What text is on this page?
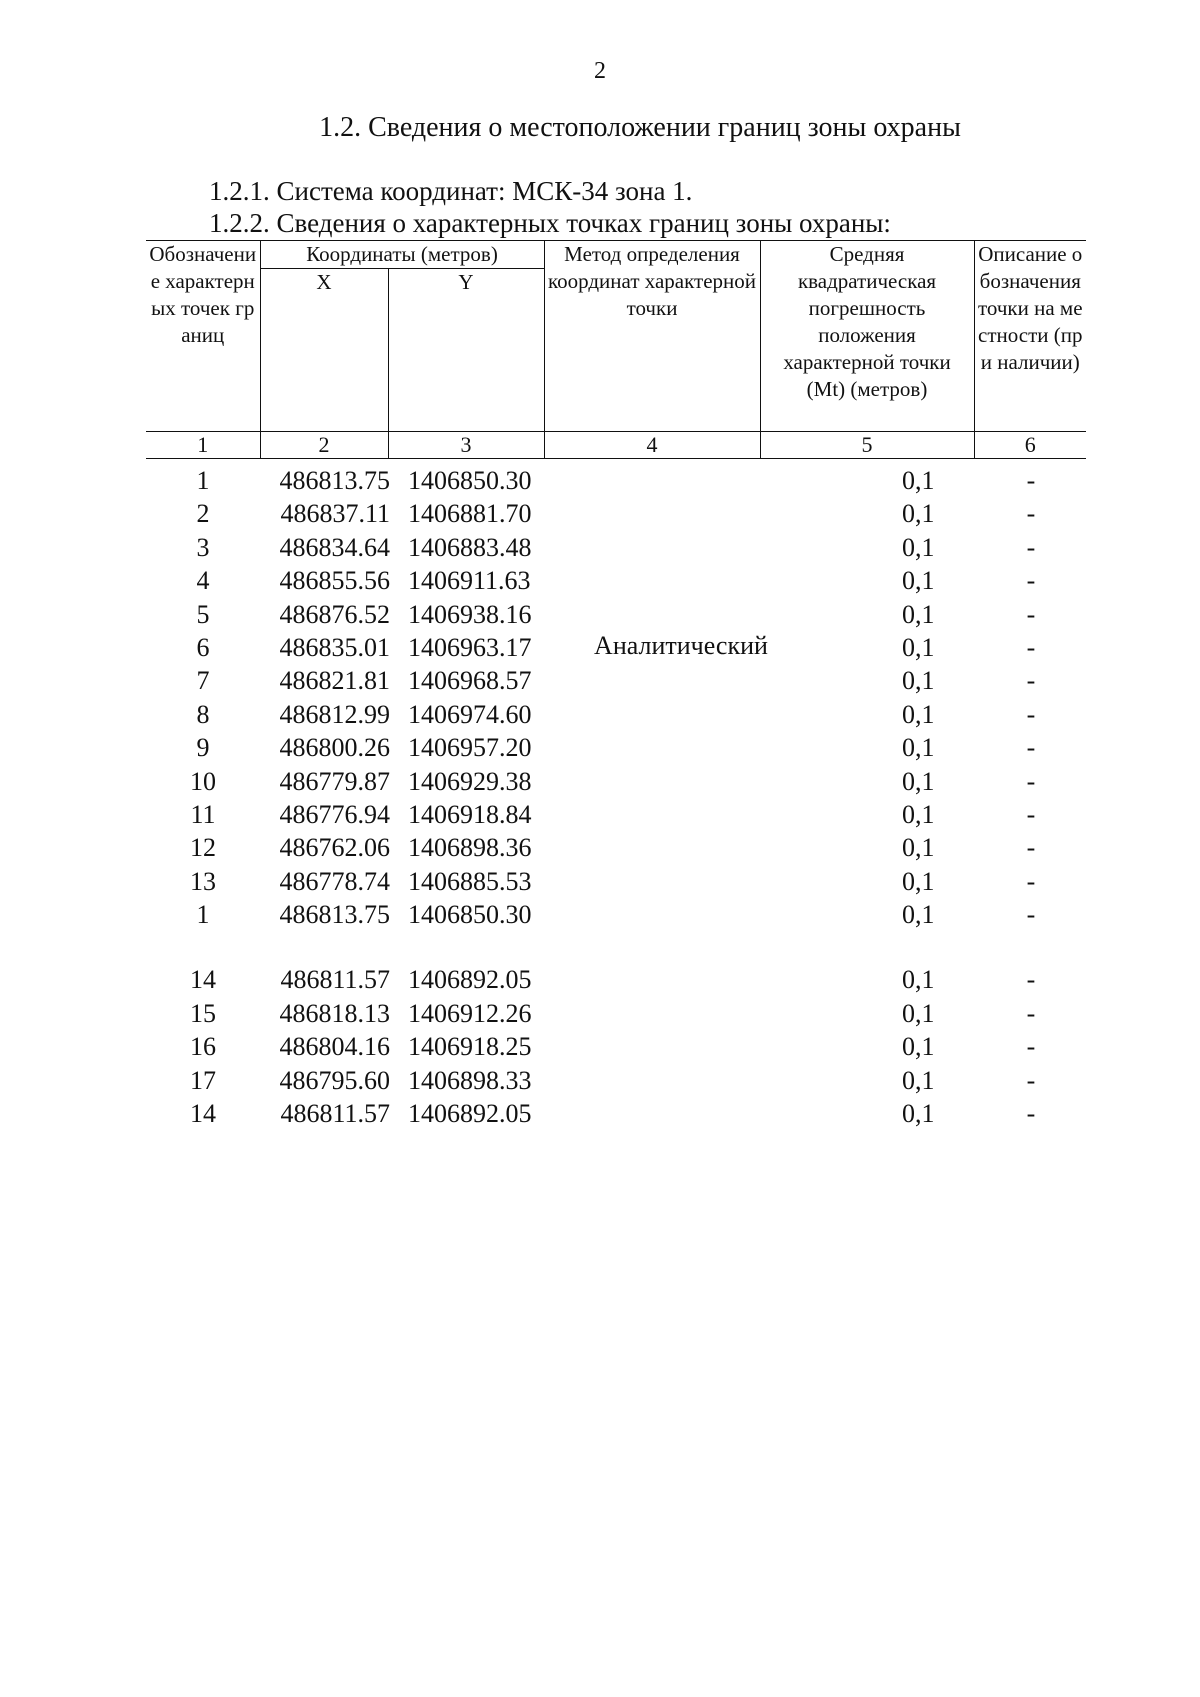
2
1.2. Сведения о местоположении границ зоны охраны
1.2.1. Система координат: МСК-34 зона 1.
1.2.2. Сведения о характерных точках границ зоны охраны:
Обозначение характерных точек границ	Координаты (метров)		Метод определения координат характерной точки	Средняя квадратическая погрешность положения характерной точки (Mt) (метров)	Описание обозначения точки на местности (при наличии)
	X	Y			
1	2	3	4	5	6
Аналитический
1	486813.75 1406850.30	0,1	-
2	486837.11 1406881.70	0,1	-
3	486834.64 1406883.48	0,1	-
4	486855.56 1406911.63	0,1	-
5	486876.52 1406938.16	0,1	-
6	486835.01 1406963.17	0,1	-
7	486821.81 1406968.57	0,1	-
8	486812.99 1406974.60	0,1	-
9	486800.26 1406957.20	0,1	-
10	486779.87 1406929.38	0,1	-
11	486776.94 1406918.84	0,1	-
12	486762.06 1406898.36	0,1	-
13	486778.74 1406885.53	0,1	-
1	486813.75 1406850.30	0,1	-
14	486811.57 1406892.05	0,1	-
15	486818.13 1406912.26	0,1	-
16	486804.16 1406918.25	0,1	-
17	486795.60 1406898.33	0,1	-
14	486811.57 1406892.05	0,1	-
